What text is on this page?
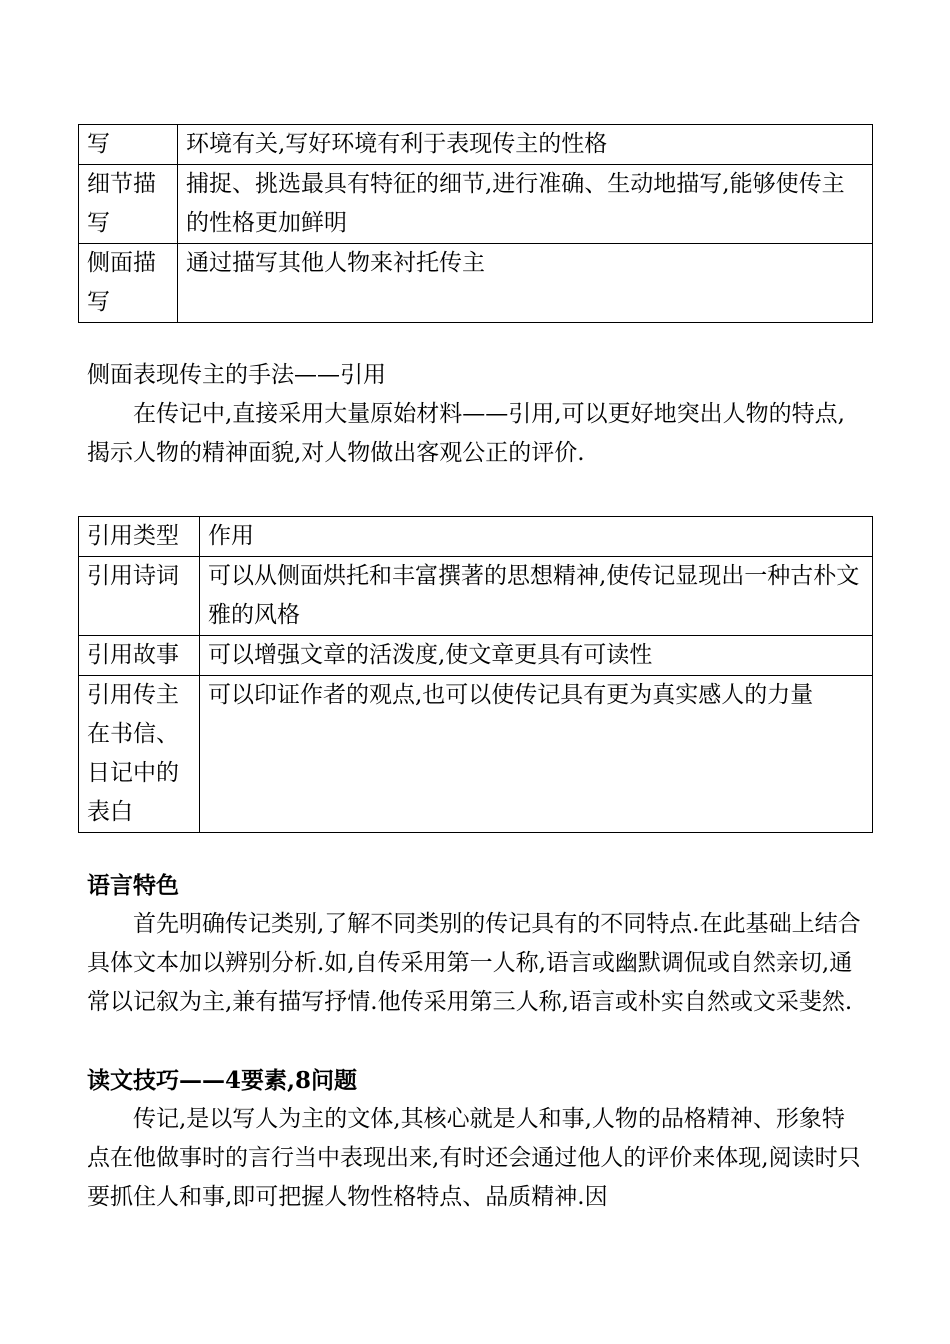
写	环境有关,写好环境有利于表现传主的性格
细节描写	捕捉、挑选最具有特征的细节,进行准确、生动地描写,能够使传主的性格更加鲜明
侧面描写	通过描写其他人物来衬托传主

侧面表现传主的手法——引用

在传记中,直接采用大量原始材料——引用,可以更好地突出人物的特点,揭示人物的精神面貌,对人物做出客观公正的评价.

引用类型	作用
引用诗词	可以从侧面烘托和丰富撰著的思想精神,使传记显现出一种古朴文雅的风格
引用故事	可以增强文章的活泼度,使文章更具有可读性
引用传主在书信、日记中的表白	可以印证作者的观点,也可以使传记具有更为真实感人的力量

语言特色

首先明确传记类别,了解不同类别的传记具有的不同特点.在此基础上结合具体文本加以辨别分析.如,自传采用第一人称,语言或幽默调侃或自然亲切,通常以记叙为主,兼有描写抒情.他传采用第三人称,语言或朴实自然或文采斐然.

读文技巧——4要素,8问题

传记,是以写人为主的文体,其核心就是人和事,人物的品格精神、形象特点在他做事时的言行当中表现出来,有时还会通过他人的评价来体现,阅读时只要抓住人和事,即可把握人物性格特点、品质精神.因
